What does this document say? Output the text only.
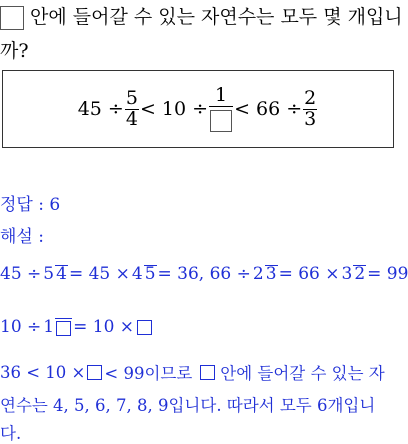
안에 들어갈 수 있는 자연수는 모두 몇 개입니
까?
$45 \div \frac{5}{4} < 10$ ÷
1
< $66 \div \frac{2}{3}$
정답 : 6
해설 :
45 ÷ 5 4 = 45 × 4 5 = 36, 66 ÷ 2 3 = 66 × 3 2 = 99
10 ÷ 1	= 10 ×
36 < 10 × < 99이므로 안에 들어갈 수 있는 자
연수는 4, 5, 6, 7, 8, 9입니다. 따라서 모두 6개입니
다.
